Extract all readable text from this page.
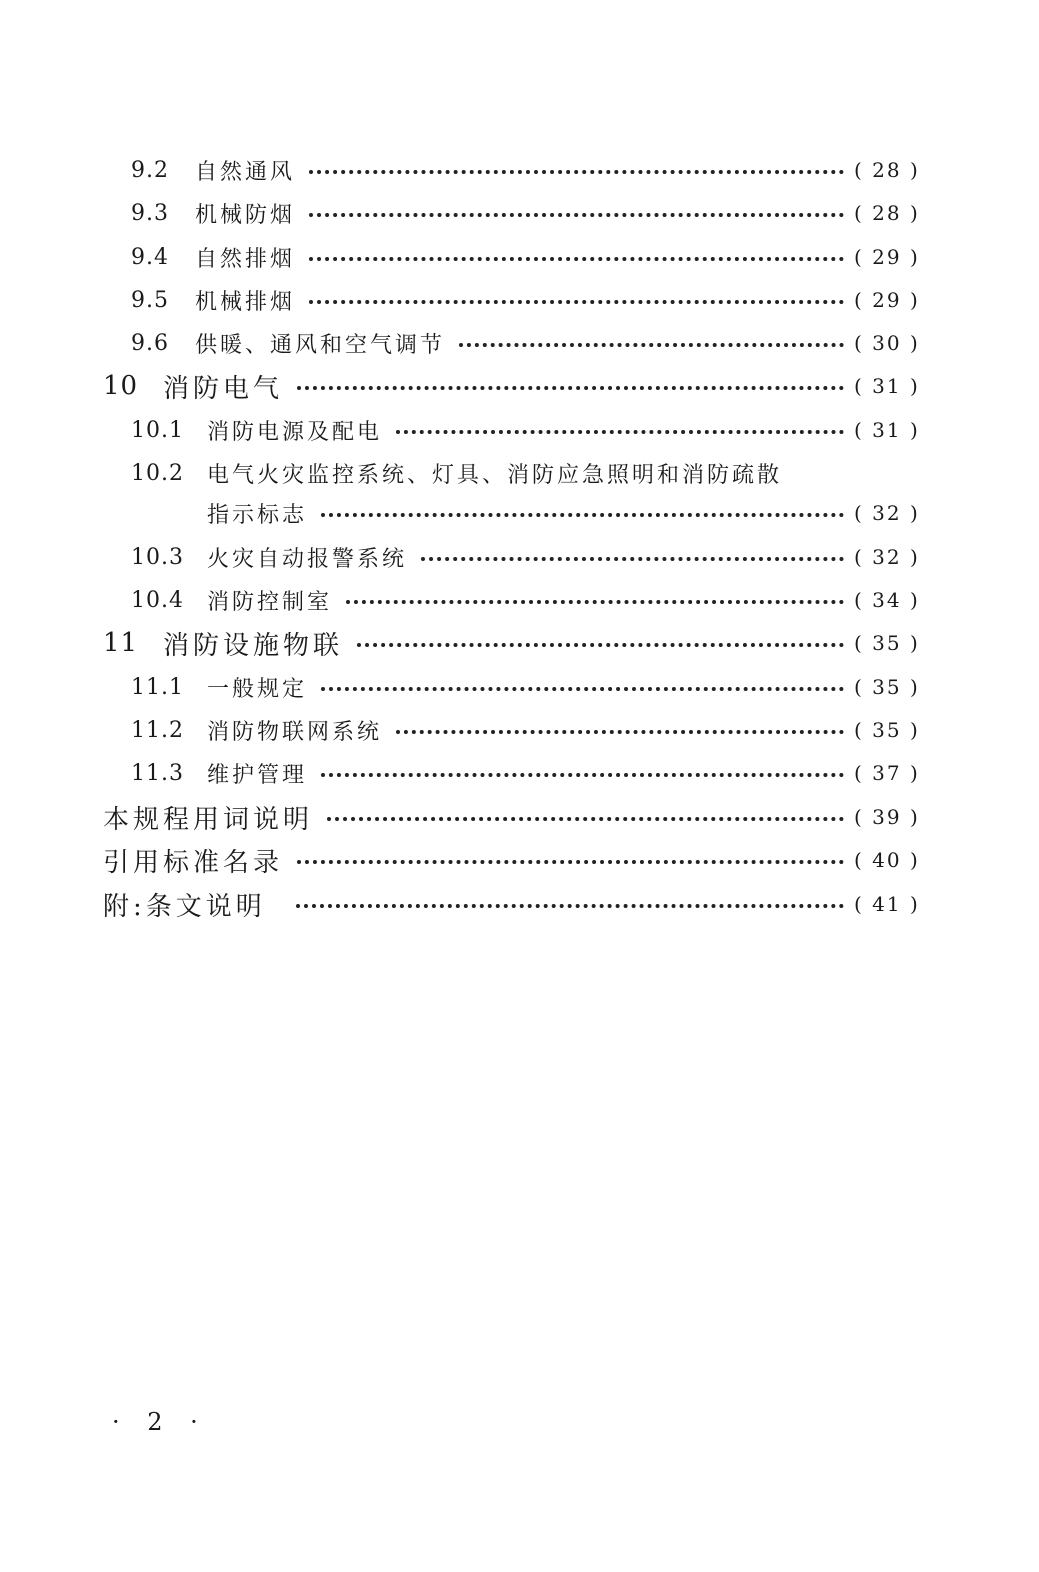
9.2	自然通风	( 28 )
9.3	机械防烟	( 28 )
9.4	自然排烟	( 29 )
9.5	机械排烟	( 29 )
9.6	供暖、通风和空气调节	( 30 )
10 消防电气	( 31 )
10.1	消防电源及配电	( 31 )
10.2	电气火灾监控系统、灯具、消防应急照明和消防疏散
指示标志	( 32 )
10.3	火灾自动报警系统	( 32 )
10.4	消防控制室	( 34 )
11 消防设施物联	( 35 )
11.1	一般规定	( 35 )
11.2	消防物联网系统	( 35 )
11.3	维护管理	( 37 )
本规程用词说明	( 39 )
引用标准名录	( 40 )
附:条文说明	( 41 )
· 2 ·
